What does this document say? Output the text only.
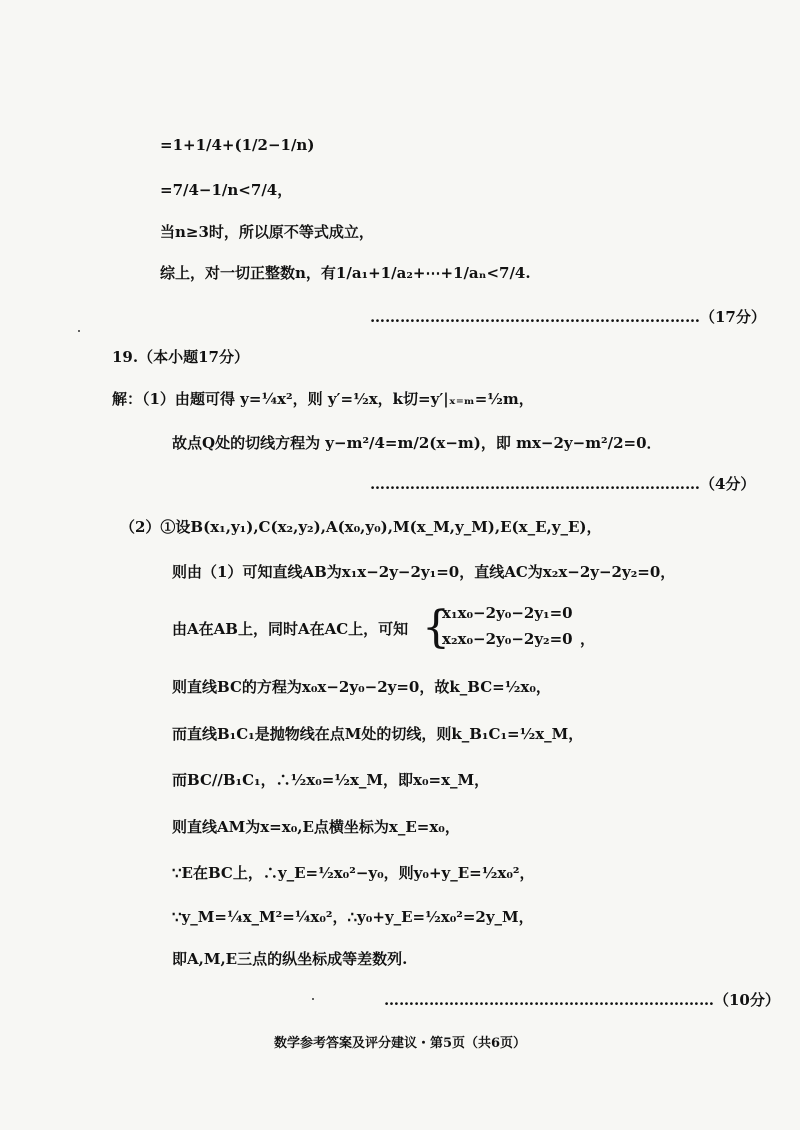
=1+1/4+(1/2−1/n)
=7/4−1/n<7/4，
当n≥3时，所以原不等式成立，
综上，对一切正整数n，有1/a₁+1/a₂+⋯+1/aₙ<7/4.
…………………………………………………………（17分）
19.（本小题17分）
解：（1）由题可得 y=¼x²，则 y′=½x，k切=y′|ₓ₌ₘ=½m，
故点Q处的切线方程为 y−m²/4=m/2(x−m)，即 mx−2y−m²/2=0．
…………………………………………………………（4分）
（2）①设B(x₁,y₁),C(x₂,y₂),A(x₀,y₀),M(x_M,y_M),E(x_E,y_E)，
则由（1）可知直线AB为x₁x−2y−2y₁=0，直线AC为x₂x−2y−2y₂=0，
由A在AB上，同时A在AC上，可知 {
x₁x₀−2y₀−2y₁=0
x₂x₀−2y₀−2y₂=0 ，
则直线BC的方程为x₀x−2y₀−2y=0，故k_BC=½x₀，
而直线B₁C₁是抛物线在点M处的切线，则k_B₁C₁=½x_M，
而BC//B₁C₁，∴½x₀=½x_M，即x₀=x_M，
则直线AM为x=x₀,E点横坐标为x_E=x₀，
∵E在BC上，∴y_E=½x₀²−y₀，则y₀+y_E=½x₀²，
∵y_M=¼x_M²=¼x₀²，∴y₀+y_E=½x₀²=2y_M，
即A,M,E三点的纵坐标成等差数列.
…………………………………………………………（10分）
数学参考答案及评分建议・第5页（共6页）
